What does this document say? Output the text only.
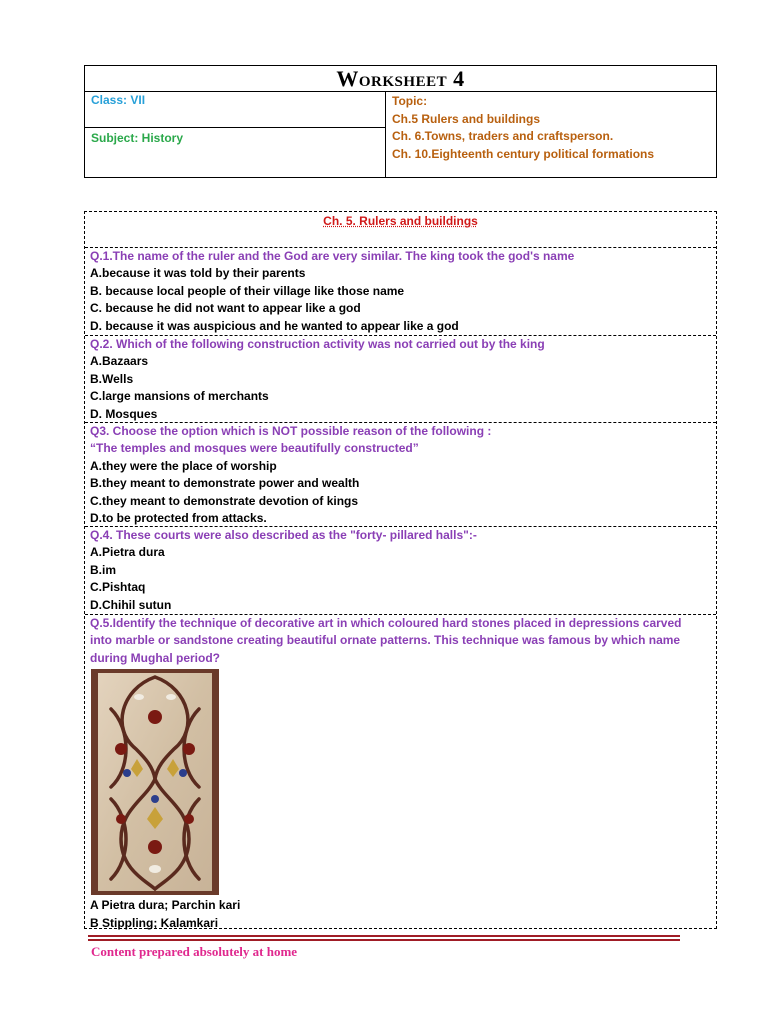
Worksheet 4
Class: VII
Subject: History
Topic:
Ch.5 Rulers and buildings
Ch. 6.Towns, traders and craftsperson.
Ch. 10.Eighteenth century political formations
Ch. 5. Rulers and buildings
Q.1.The name of the ruler and the God are very similar. The king took the god's name
A.because it was told by their parents
B. because local people of their village like those name
C. because he did not want to appear like a god
D. because it was auspicious and he wanted to appear like a god
Q.2. Which of the following construction activity was not carried out by the king
A.Bazaars
B.Wells
C.large mansions of merchants
D. Mosques
Q3. Choose the option which is NOT possible reason of the following :
“The temples and mosques were beautifully constructed”
A.they were the place of worship
B.they meant to demonstrate power and wealth
C.they meant to demonstrate devotion of kings
D.to be protected from attacks.
Q.4. These courts were also described as the "forty- pillared halls":-
A.Pietra dura
B.im
C.Pishtaq
D.Chihil sutun
Q.5.Identify the technique of decorative art in which coloured hard stones placed in depressions carved into marble or sandstone creating beautiful ornate patterns. This technique was famous by which name during Mughal period?
A Pietra dura; Parchin kari
B Stippling; Kalamkari
Content prepared absolutely at home
